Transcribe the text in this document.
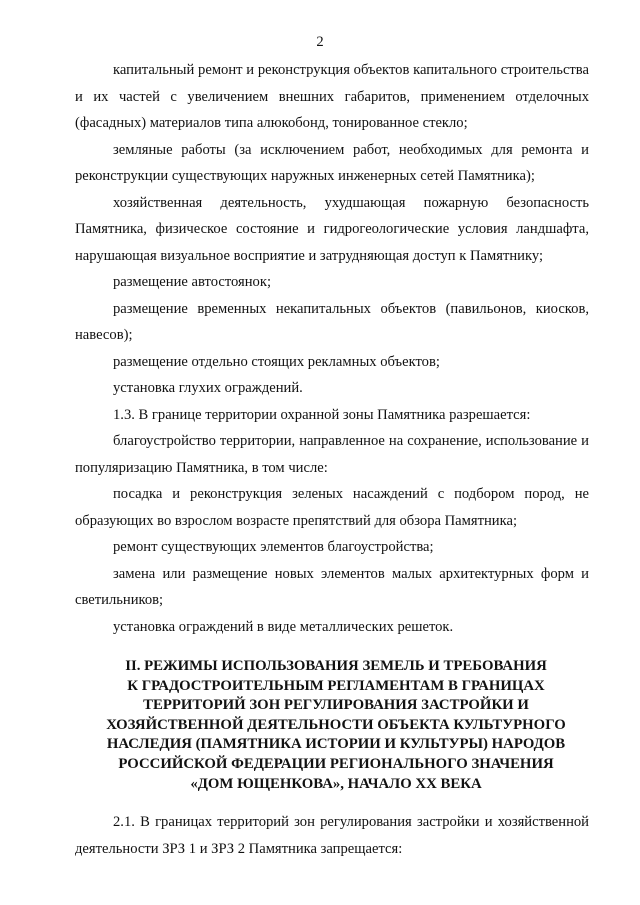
2

капитальный ремонт и реконструкция объектов капитального строительства и их частей с увеличением внешних габаритов, применением отделочных (фасадных) материалов типа алюкобонд, тонированное стекло;

земляные работы (за исключением работ, необходимых для ремонта и реконструкции существующих наружных инженерных сетей Памятника);

хозяйственная деятельность, ухудшающая пожарную безопасность Памятника, физическое состояние и гидрогеологические условия ландшафта, нарушающая визуальное восприятие и затрудняющая доступ к Памятнику;

размещение автостоянок;

размещение временных некапитальных объектов (павильонов, киосков, навесов);

размещение отдельно стоящих рекламных объектов;

установка глухих ограждений.

1.3. В границе территории охранной зоны Памятника разрешается:

благоустройство территории, направленное на сохранение, использование и популяризацию Памятника, в том числе:

посадка и реконструкция зеленых насаждений с подбором пород, не образующих во взрослом возрасте препятствий для обзора Памятника;

ремонт существующих элементов благоустройства;

замена или размещение новых элементов малых архитектурных форм и светильников;

установка ограждений в виде металлических решеток.

II. РЕЖИМЫ ИСПОЛЬЗОВАНИЯ ЗЕМЕЛЬ И ТРЕБОВАНИЯ
К ГРАДОСТРОИТЕЛЬНЫМ РЕГЛАМЕНТАМ В ГРАНИЦАХ
ТЕРРИТОРИЙ ЗОН РЕГУЛИРОВАНИЯ ЗАСТРОЙКИ И
ХОЗЯЙСТВЕННОЙ ДЕЯТЕЛЬНОСТИ ОБЪЕКТА КУЛЬТУРНОГО
НАСЛЕДИЯ (ПАМЯТНИКА ИСТОРИИ И КУЛЬТУРЫ) НАРОДОВ
РОССИЙСКОЙ ФЕДЕРАЦИИ РЕГИОНАЛЬНОГО ЗНАЧЕНИЯ
«ДОМ ЮЩЕНКОВА», НАЧАЛО XX ВЕКА

2.1. В границах территорий зон регулирования застройки и хозяйственной деятельности ЗРЗ 1 и ЗРЗ 2 Памятника запрещается:
